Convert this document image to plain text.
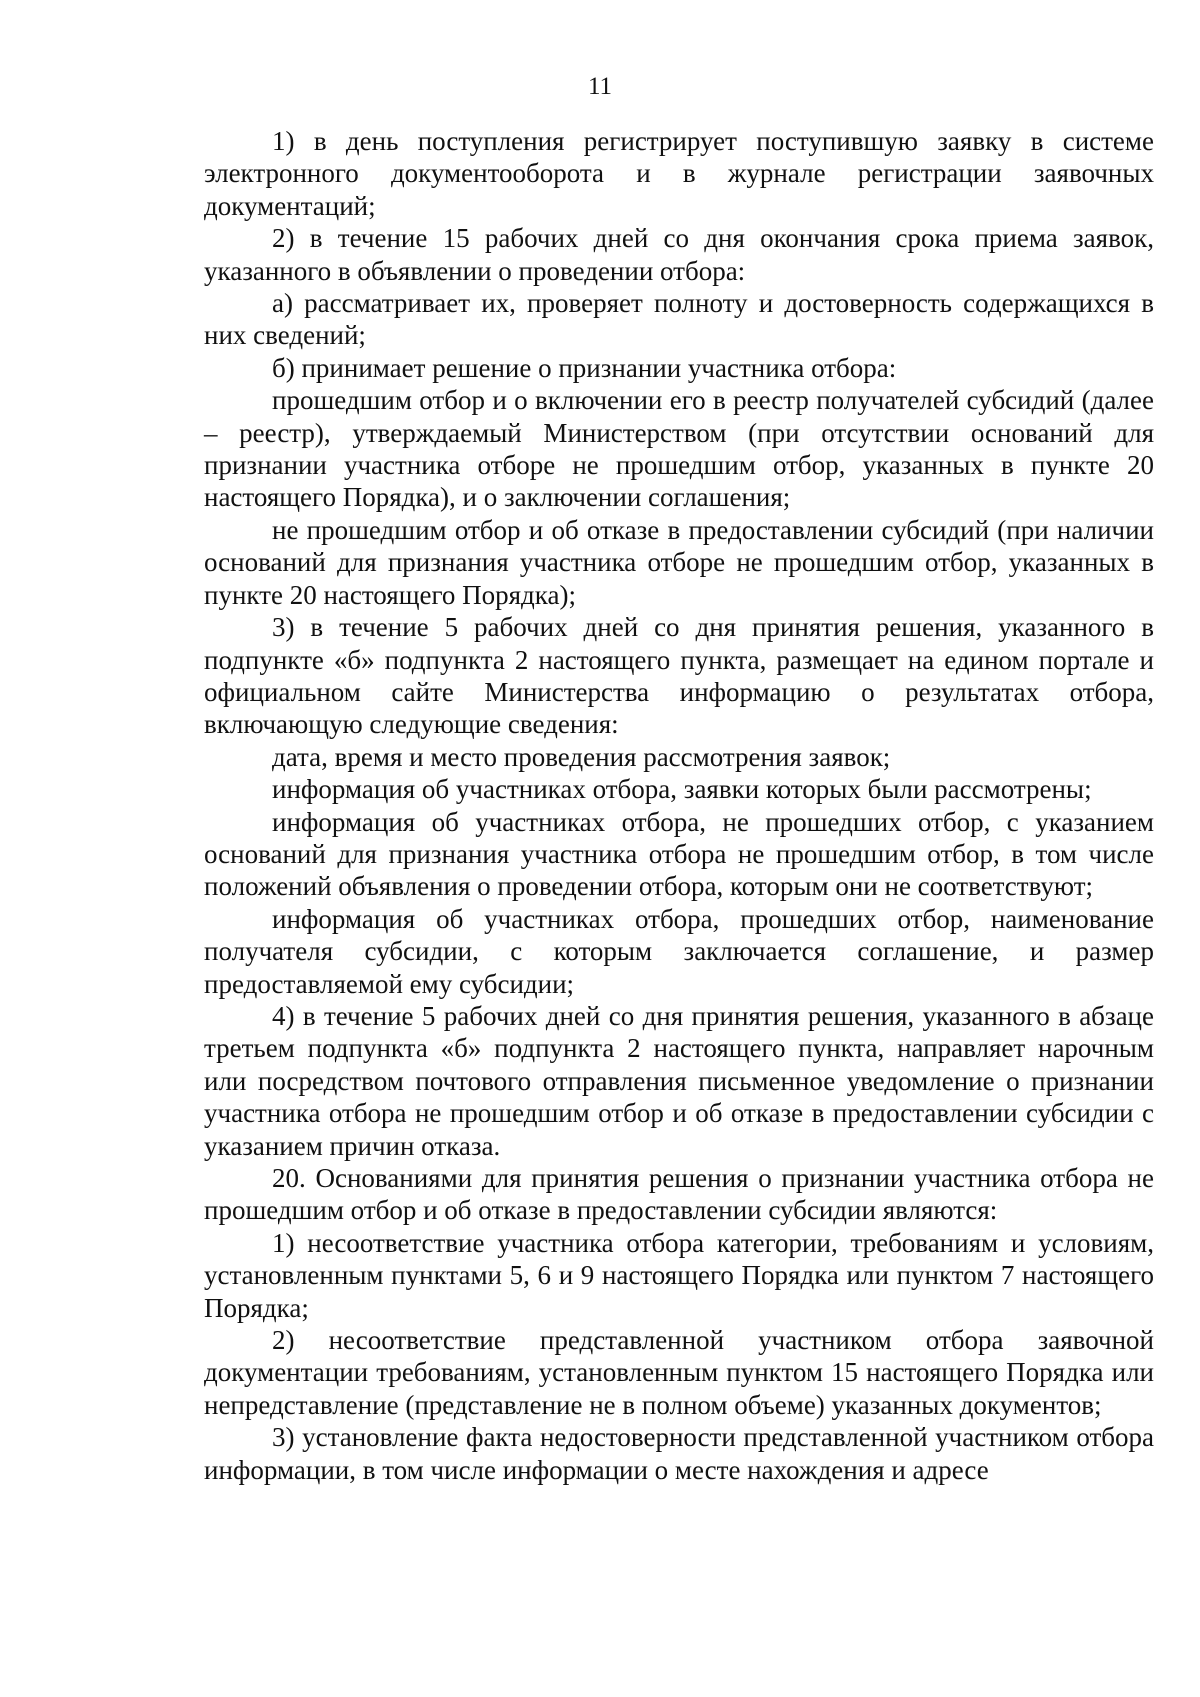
11

1) в день поступления регистрирует поступившую заявку в системе электронного документооборота и в журнале регистрации заявочных документаций;

2) в течение 15 рабочих дней со дня окончания срока приема заявок, указанного в объявлении о проведении отбора:

а) рассматривает их, проверяет полноту и достоверность содержащихся в них сведений;

б) принимает решение о признании участника отбора:

прошедшим отбор и о включении его в реестр получателей субсидий (далее – реестр), утверждаемый Министерством (при отсутствии оснований для признании участника отборе не прошедшим отбор, указанных в пункте 20 настоящего Порядка), и о заключении соглашения;

не прошедшим отбор и об отказе в предоставлении субсидий (при наличии оснований для признания участника отборе не прошедшим отбор, указанных в пункте 20 настоящего Порядка);

3) в течение 5 рабочих дней со дня принятия решения, указанного в подпункте «б» подпункта 2 настоящего пункта, размещает на едином портале и официальном сайте Министерства информацию о результатах отбора, включающую следующие сведения:

дата, время и место проведения рассмотрения заявок;

информация об участниках отбора, заявки которых были рассмотрены;

информация об участниках отбора, не прошедших отбор, с указанием оснований для признания участника отбора не прошедшим отбор, в том числе положений объявления о проведении отбора, которым они не соответствуют;

информация об участниках отбора, прошедших отбор, наименование получателя субсидии, с которым заключается соглашение, и размер предоставляемой ему субсидии;

4) в течение 5 рабочих дней со дня принятия решения, указанного в абзаце третьем подпункта «б» подпункта 2 настоящего пункта, направляет нарочным или посредством почтового отправления письменное уведомление о признании участника отбора не прошедшим отбор и об отказе в предоставлении субсидии с указанием причин отказа.

20. Основаниями для принятия решения о признании участника отбора не прошедшим отбор и об отказе в предоставлении субсидии являются:

1) несоответствие участника отбора категории, требованиям и условиям, установленным пунктами 5, 6 и 9 настоящего Порядка или пунктом 7 настоящего Порядка;

2) несоответствие представленной участником отбора заявочной документации требованиям, установленным пунктом 15 настоящего Порядка или непредставление (представление не в полном объеме) указанных документов;

3) установление факта недостоверности представленной участником отбора информации, в том числе информации о месте нахождения и адресе
